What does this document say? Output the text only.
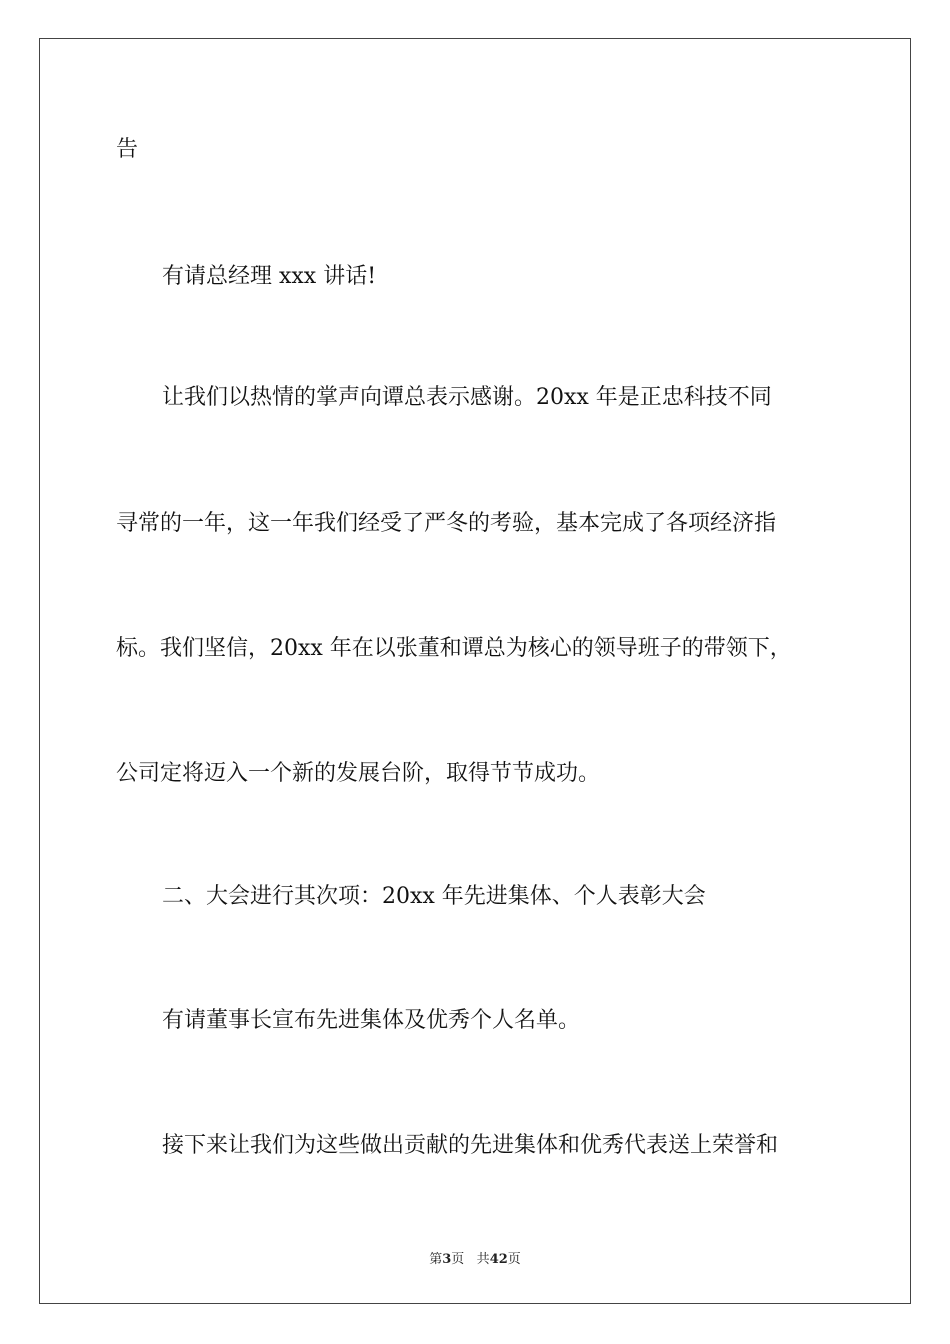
告
有请总经理 xxx 讲话!
让我们以热情的掌声向谭总表示感谢。20xx 年是正忠科技不同
寻常的一年，这一年我们经受了严冬的考验，基本完成了各项经济指
标。我们坚信，20xx 年在以张董和谭总为核心的领导班子的带领下，
公司定将迈入一个新的发展台阶，取得节节成功。
二、大会进行其次项：20xx 年先进集体、个人表彰大会
有请董事长宣布先进集体及优秀个人名单。
接下来让我们为这些做出贡献的先进集体和优秀代表送上荣誉和
第3页 共42页
